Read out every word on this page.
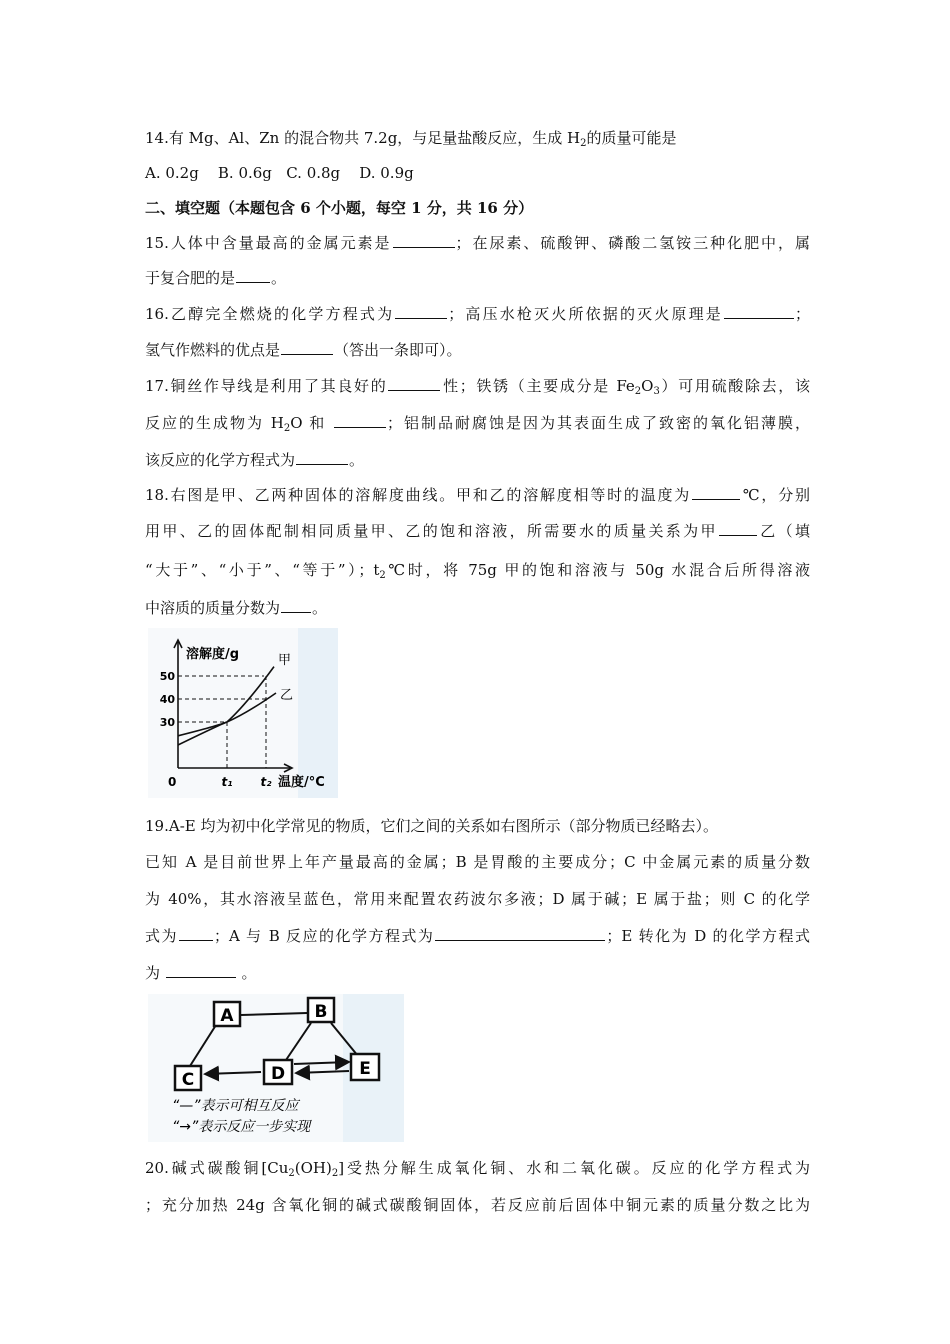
14.有 Mg、Al、Zn 的混合物共 7.2g，与足量盐酸反应，生成 $H_2$的质量可能是
A. 0.2g    B. 0.6g   C. 0.8g    D. 0.9g
二、填空题（本题包含 6 个小题，每空 1 分，共 16 分）
15.人体中含量最高的金属元素是	；在尿素、硫酸钾、磷酸二氢铵三种化肥中，属
于复合肥的是 。
16.乙醇完全燃烧的化学方程式为	；高压水枪灭火所依据的灭火原理是	；
氢气作燃料的优点是	（答出一条即可）。
17.铜丝作导线是利用了其良好的	性；铁锈（主要成分是 $Fe_2O_3$）可用硫酸除去，该
反应的生成物为 $H_2O$ 和	；铝制品耐腐蚀是因为其表面生成了致密的氧化铝薄膜，
该反应的化学方程式为	。
18.右图是甲、乙两种固体的溶解度曲线。甲和乙的溶解度相等时的温度为	℃，分别
用甲、乙的固体配制相同质量甲、乙的饱和溶液，所需要水的质量关系为甲	乙（填
“大于”、“小于”、“等于”）；$t_2℃$时，将 75g 甲的饱和溶液与 50g 水混合后所得溶液
中溶质的质量分数为 。
30
40
50
甲
乙
溶解度/g
温度/°C
0	t₁ t₂
19.A-E 均为初中化学常见的物质，它们之间的关系如右图所示（部分物质已经略去）。
已知 A 是目前世界上年产量最高的金属；B 是胃酸的主要成分；C 中金属元素的质量分数
为 40%，其水溶液呈蓝色，常用来配置农药波尔多液；D 属于碱；E 属于盐；则 C 的化学
式为 ；A 与 B 反应的化学方程式为	；E 转化为 D 的化学方程式
为	。
A	B
C	D	E
“—”表示可相互反应
“→”表示反应一步实现
20.碱式碳酸铜$[Cu_2(OH)_2]$受热分解生成氧化铜、水和二氧化碳。反应的化学方程式为
；充分加热 24g 含氧化铜的碱式碳酸铜固体，若反应前后固体中铜元素的质量分数之比为
